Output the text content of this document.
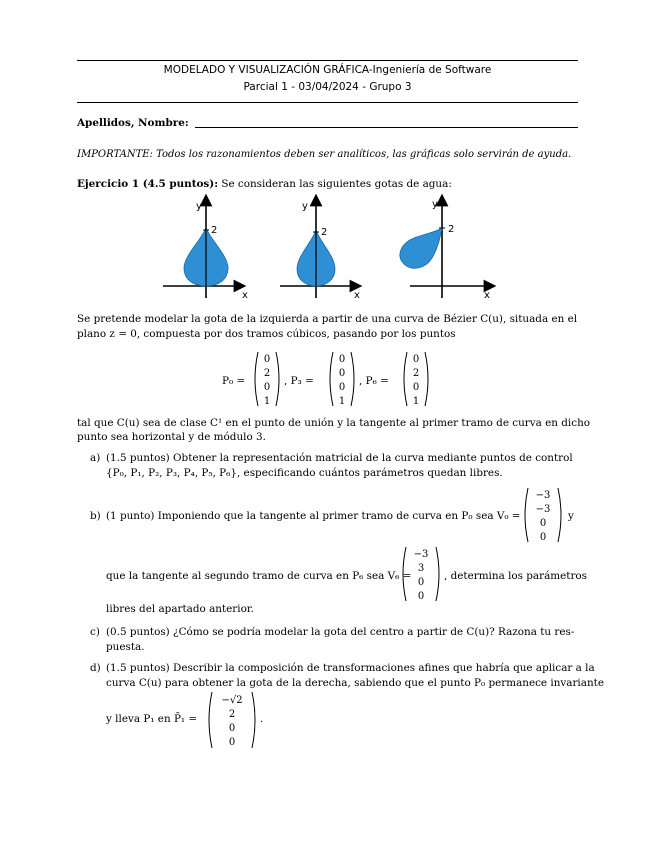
MODELADO Y VISUALIZACIÓN GRÁFICA-Ingeniería de Software
Parcial 1 - 03/04/2024 - Grupo 3
Apellidos, Nombre:
IMPORTANTE: Todos los razonamientos deben ser analíticos, las gráficas solo servirán de ayuda.
Ejercicio 1 (4.5 puntos): Se consideran las siguientes gotas de agua:
2
y
x
2
y
x
2
y
x
Se pretende modelar la gota de la izquierda a partir de una curva de Bézier C(u), situada en el
plano z = 0, compuesta por dos tramos cúbicos, pasando por los puntos
P₀ =
0
2
0
1
, P₃ =
0
0
0
1
, P₆ =
0
2
0
1
tal que C(u) sea de clase C¹ en el punto de unión y la tangente al primer tramo de curva en dicho
punto sea horizontal y de módulo 3.
a) (1.5 puntos) Obtener la representación matricial de la curva mediante puntos de control
{P₀, P₁, P₂, P₃, P₄, P₅, P₆}, especificando cuántos parámetros quedan libres.
b) (1 punto) Imponiendo que la tangente al primer tramo de curva en P₀ sea V₀ =
−3
−3
0
0
y
que la tangente al segundo tramo de curva en P₆ sea V₆ =
−3
3
0
0
, determina los parámetros
libres del apartado anterior.
c) (0.5 puntos) ¿Cómo se podría modelar la gota del centro a partir de C(u)? Razona tu res-
puesta.
d) (1.5 puntos) Describir la composición de transformaciones afines que habría que aplicar a la
curva C(u) para obtener la gota de la derecha, sabiendo que el punto P₀ permanece invariante
y lleva P₁ en P̄₁ =
−√2
2
0
0
.
